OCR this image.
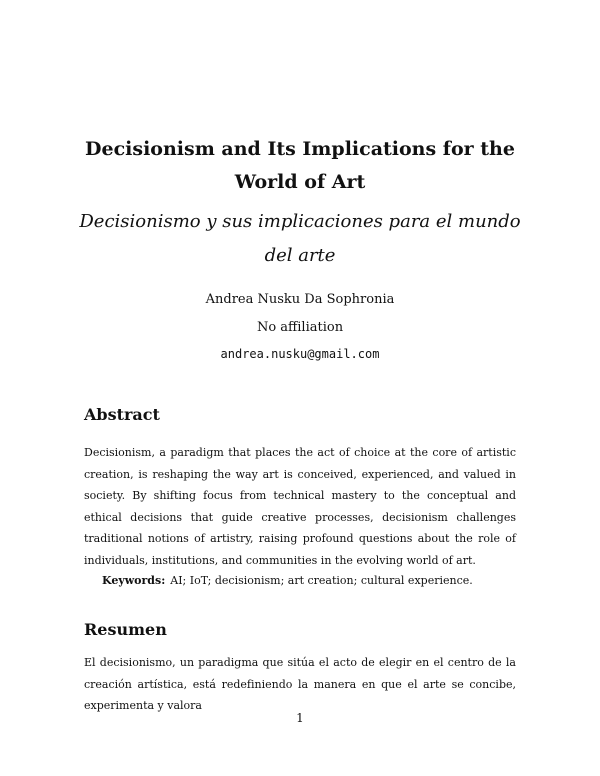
Decisionism and Its Implications for the
World of Art
Decisionismo y sus implicaciones para el mundo
del arte
Andrea Nusku Da Sophronia
No affiliation
andrea.nusku@gmail.com
Abstract

Decisionism, a paradigm that places the act of choice at the core of artistic creation, is reshaping the way art is conceived, experienced, and valued in society. By shifting focus from technical mastery to the conceptual and ethical decisions that guide creative processes, decisionism challenges traditional notions of artistry, raising profound questions about the role of individuals, institutions, and communities in the evolving world of art.

Keywords: AI; IoT; decisionism; art creation; cultural experience.
Resumen

El decisionismo, un paradigma que sitúa el acto de elegir en el centro de la creación artística, está redefiniendo la manera en que el arte se concibe, experimenta y valora

1
